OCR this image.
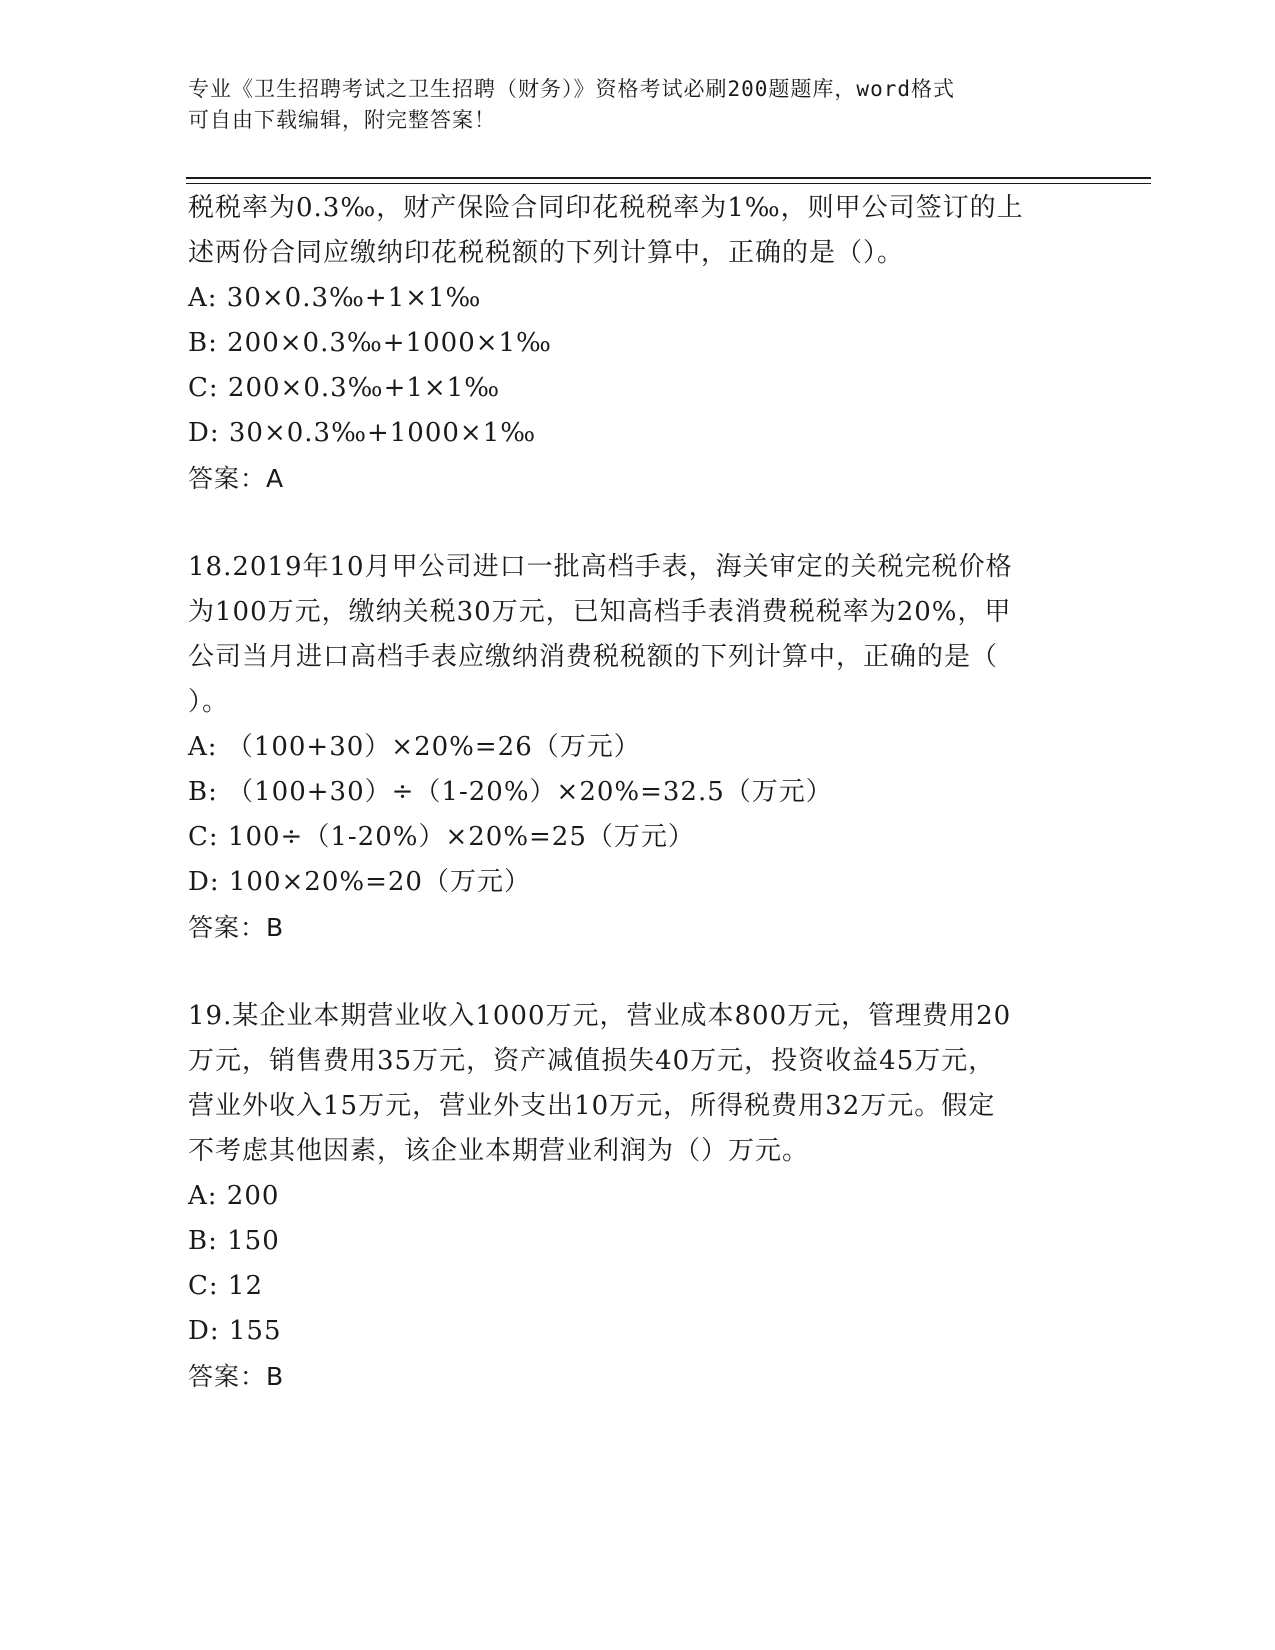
专业《卫生招聘考试之卫生招聘（财务）》资格考试必刷200题题库，word格式
可自由下载编辑，附完整答案！
税税率为0.3‰，财产保险合同印花税税率为1‰，则甲公司签订的上
述两份合同应缴纳印花税税额的下列计算中，正确的是（）。
A: 30×0.3‰+1×1‰
B: 200×0.3‰+1000×1‰
C: 200×0.3‰+1×1‰
D: 30×0.3‰+1000×1‰
答案：A
18.2019年10月甲公司进口一批高档手表，海关审定的关税完税价格
为100万元，缴纳关税30万元，已知高档手表消费税税率为20%，甲
公司当月进口高档手表应缴纳消费税税额的下列计算中，正确的是（
）。
A: （100+30）×20%=26（万元）
B: （100+30）÷（1-20%）×20%=32.5（万元）
C: 100÷（1-20%）×20%=25（万元）
D: 100×20%=20（万元）
答案：B
19.某企业本期营业收入1000万元，营业成本800万元，管理费用20
万元，销售费用35万元，资产减值损失40万元，投资收益45万元，
营业外收入15万元，营业外支出10万元，所得税费用32万元。假定
不考虑其他因素，该企业本期营业利润为（）万元。
A: 200
B: 150
C: 12
D: 155
答案：B
